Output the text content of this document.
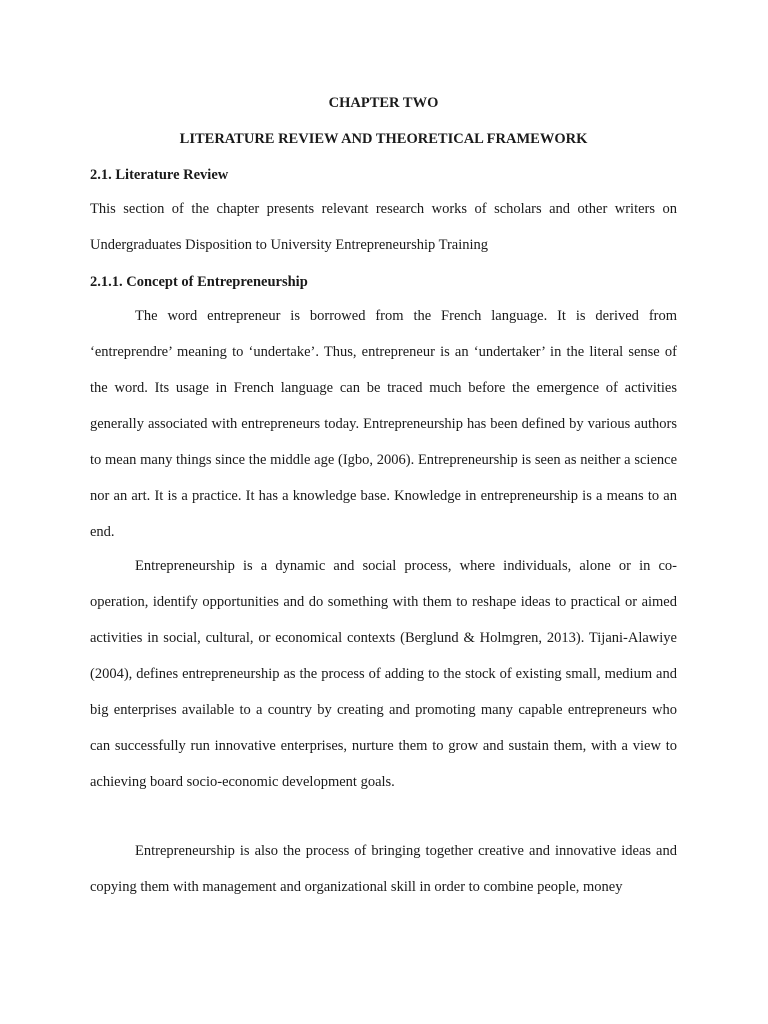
CHAPTER TWO
LITERATURE REVIEW AND THEORETICAL FRAMEWORK
2.1. Literature Review

This section of the chapter presents relevant research works of scholars and other writers on Undergraduates Disposition to University Entrepreneurship Training

2.1.1. Concept of Entrepreneurship

The word entrepreneur is borrowed from the French language. It is derived from ‘entreprendre’ meaning to ‘undertake’. Thus, entrepreneur is an ‘undertaker’ in the literal sense of the word. Its usage in French language can be traced much before the emergence of activities generally associated with entrepreneurs today. Entrepreneurship has been defined by various authors to mean many things since the middle age (Igbo, 2006). Entrepreneurship is seen as neither a science nor an art. It is a practice. It has a knowledge base. Knowledge in entrepreneurship is a means to an end.

Entrepreneurship is a dynamic and social process, where individuals, alone or in co-operation, identify opportunities and do something with them to reshape ideas to practical or aimed activities in social, cultural, or economical contexts (Berglund & Holmgren, 2013). Tijani-Alawiye (2004), defines entrepreneurship as the process of adding to the stock of existing small, medium and big enterprises available to a country by creating and promoting many capable entrepreneurs who can successfully run innovative enterprises, nurture them to grow and sustain them, with a view to achieving board socio-economic development goals.

Entrepreneurship is also the process of bringing together creative and innovative ideas and copying them with management and organizational skill in order to combine people, money
